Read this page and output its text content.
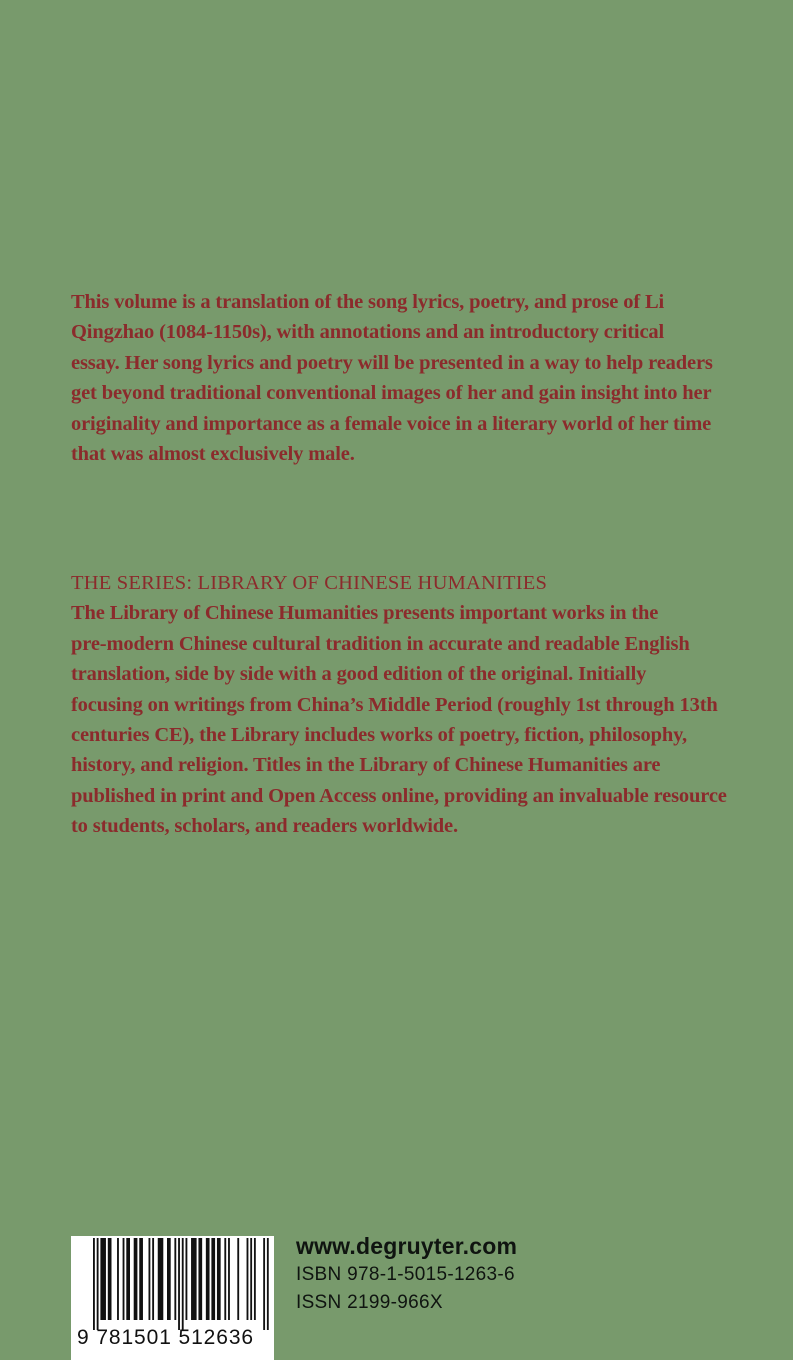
This volume is a translation of the song lyrics, poetry, and prose of Li

Qingzhao (1084-1150s), with annotations and an introductory critical

essay. Her song lyrics and poetry will be presented in a way to help readers

get beyond traditional conventional images of her and gain insight into her

originality and importance as a female voice in a literary world of her time

that was almost exclusively male.

THE SERIES: LIBRARY OF CHINESE HUMANITIES

The Library of Chinese Humanities presents important works in the

pre-modern Chinese cultural tradition in accurate and readable English

translation, side by side with a good edition of the original. Initially

focusing on writings from China’s Middle Period (roughly 1st through 13th

centuries CE), the Library includes works of poetry, fiction, philosophy,

history, and religion. Titles in the Library of Chinese Humanities are

published in print and Open Access online, providing an invaluable resource

to students, scholars, and readers worldwide.

9 781501 512636
www.degruyter.com
ISBN 978-1-5015-1263-6
ISSN 2199-966X
